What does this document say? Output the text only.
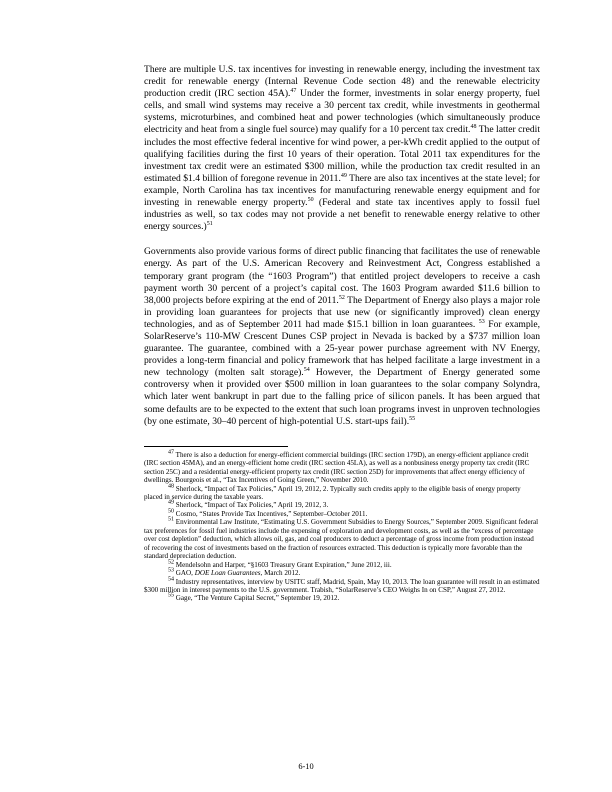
There are multiple U.S. tax incentives for investing in renewable energy, including the investment tax credit for renewable energy (Internal Revenue Code section 48) and the renewable electricity production credit (IRC section 45A).$^{47}$ Under the former, investments in solar energy property, fuel cells, and small wind systems may receive a 30 percent tax credit, while investments in geothermal systems, microturbines, and combined heat and power technologies (which simultaneously produce electricity and heat from a single fuel source) may qualify for a 10 percent tax credit.$^{48}$ The latter credit includes the most effective federal incentive for wind power, a per-kWh credit applied to the output of qualifying facilities during the first 10 years of their operation. Total 2011 tax expenditures for the investment tax credit were an estimated $300 million, while the production tax credit resulted in an estimated $1.4 billion of foregone revenue in 2011.49 There are also tax incentives at the state level; for example, North Carolina has tax incentives for manufacturing renewable energy equipment and for investing in renewable energy property.$^{50}$ (Federal and state tax incentives apply to fossil fuel industries as well, so tax codes may not provide a net benefit to renewable energy relative to other energy sources.)$^{51}$

Governments also provide various forms of direct public financing that facilitates the use of renewable energy. As part of the U.S. American Recovery and Reinvestment Act, Congress established a temporary grant program (the “1603 Program”) that entitled project developers to receive a cash payment worth 30 percent of a project’s capital cost. The 1603 Program awarded $11.6 billion to 38,000 projects before expiring at the end of 2011.52 The Department of Energy also plays a major role in providing loan guarantees for projects that use new (or significantly improved) clean energy technologies, and as of September 2011 had made $15.1 billion in loan guarantees. $^{53}$ For example, SolarReserve’s 110-MW Crescent Dunes CSP project in Nevada is backed by a $737 million loan guarantee. The guarantee, combined with a 25-year power purchase agreement with NV Energy, provides a long-term financial and policy framework that has helped facilitate a large investment in a new technology (molten salt storage).$^{54}$ However, the Department of Energy generated some controversy when it provided over $500 million in loan guarantees to the solar company Solyndra, which later went bankrupt in part due to the falling price of silicon panels. It has been argued that some defaults are to be expected to the extent that such loan programs invest in unproven technologies (by one estimate, 30–40 percent of high-potential U.S. start-ups fail).$^{55}$

$^{47}$ There is also a deduction for energy-efficient commercial buildings (IRC section 179D), an energy-efficient appliance credit (IRC section 45MA), and an energy-efficient home credit (IRC section 45LA), as well as a nonbusiness energy property tax credit (IRC section 25C) and a residential energy-efficient property tax credit (IRC section 25D) for improvements that affect energy efficiency of dwellings. Bourgeois et al., “Tax Incentives of Going Green,” November 2010.

$^{48}$ Sherlock, “Impact of Tax Policies,” April 19, 2012, 2. Typically such credits apply to the eligible basis of energy property placed in service during the taxable years.

$^{49}$ Sherlock, “Impact of Tax Policies,” April 19, 2012, 3.

$^{50}$ Cosmo, “States Provide Tax Incentives,” September–October 2011.

$^{51}$ Environmental Law Institute, “Estimating U.S. Government Subsidies to Energy Sources,” September 2009. Significant federal tax preferences for fossil fuel industries include the expensing of exploration and development costs, as well as the “excess of percentage over cost depletion” deduction, which allows oil, gas, and coal producers to deduct a percentage of gross income from production instead of recovering the cost of investments based on the fraction of resources extracted. This deduction is typically more favorable than the standard depreciation deduction.

$^{52}$ Mendelsohn and Harper, “§1603 Treasury Grant Expiration,” June 2012, iii.

$^{53}$ GAO, DOE Loan Guarantees, March 2012.

$^{54}$ Industry representatives, interview by USITC staff, Madrid, Spain, May 10, 2013. The loan guarantee will result in an estimated $300 million in interest payments to the U.S. government. Trabish, “SolarReserve’s CEO Weighs In on CSP,” August 27, 2012.

$^{55}$ Gage, “The Venture Capital Secret,” September 19, 2012.

6-10
